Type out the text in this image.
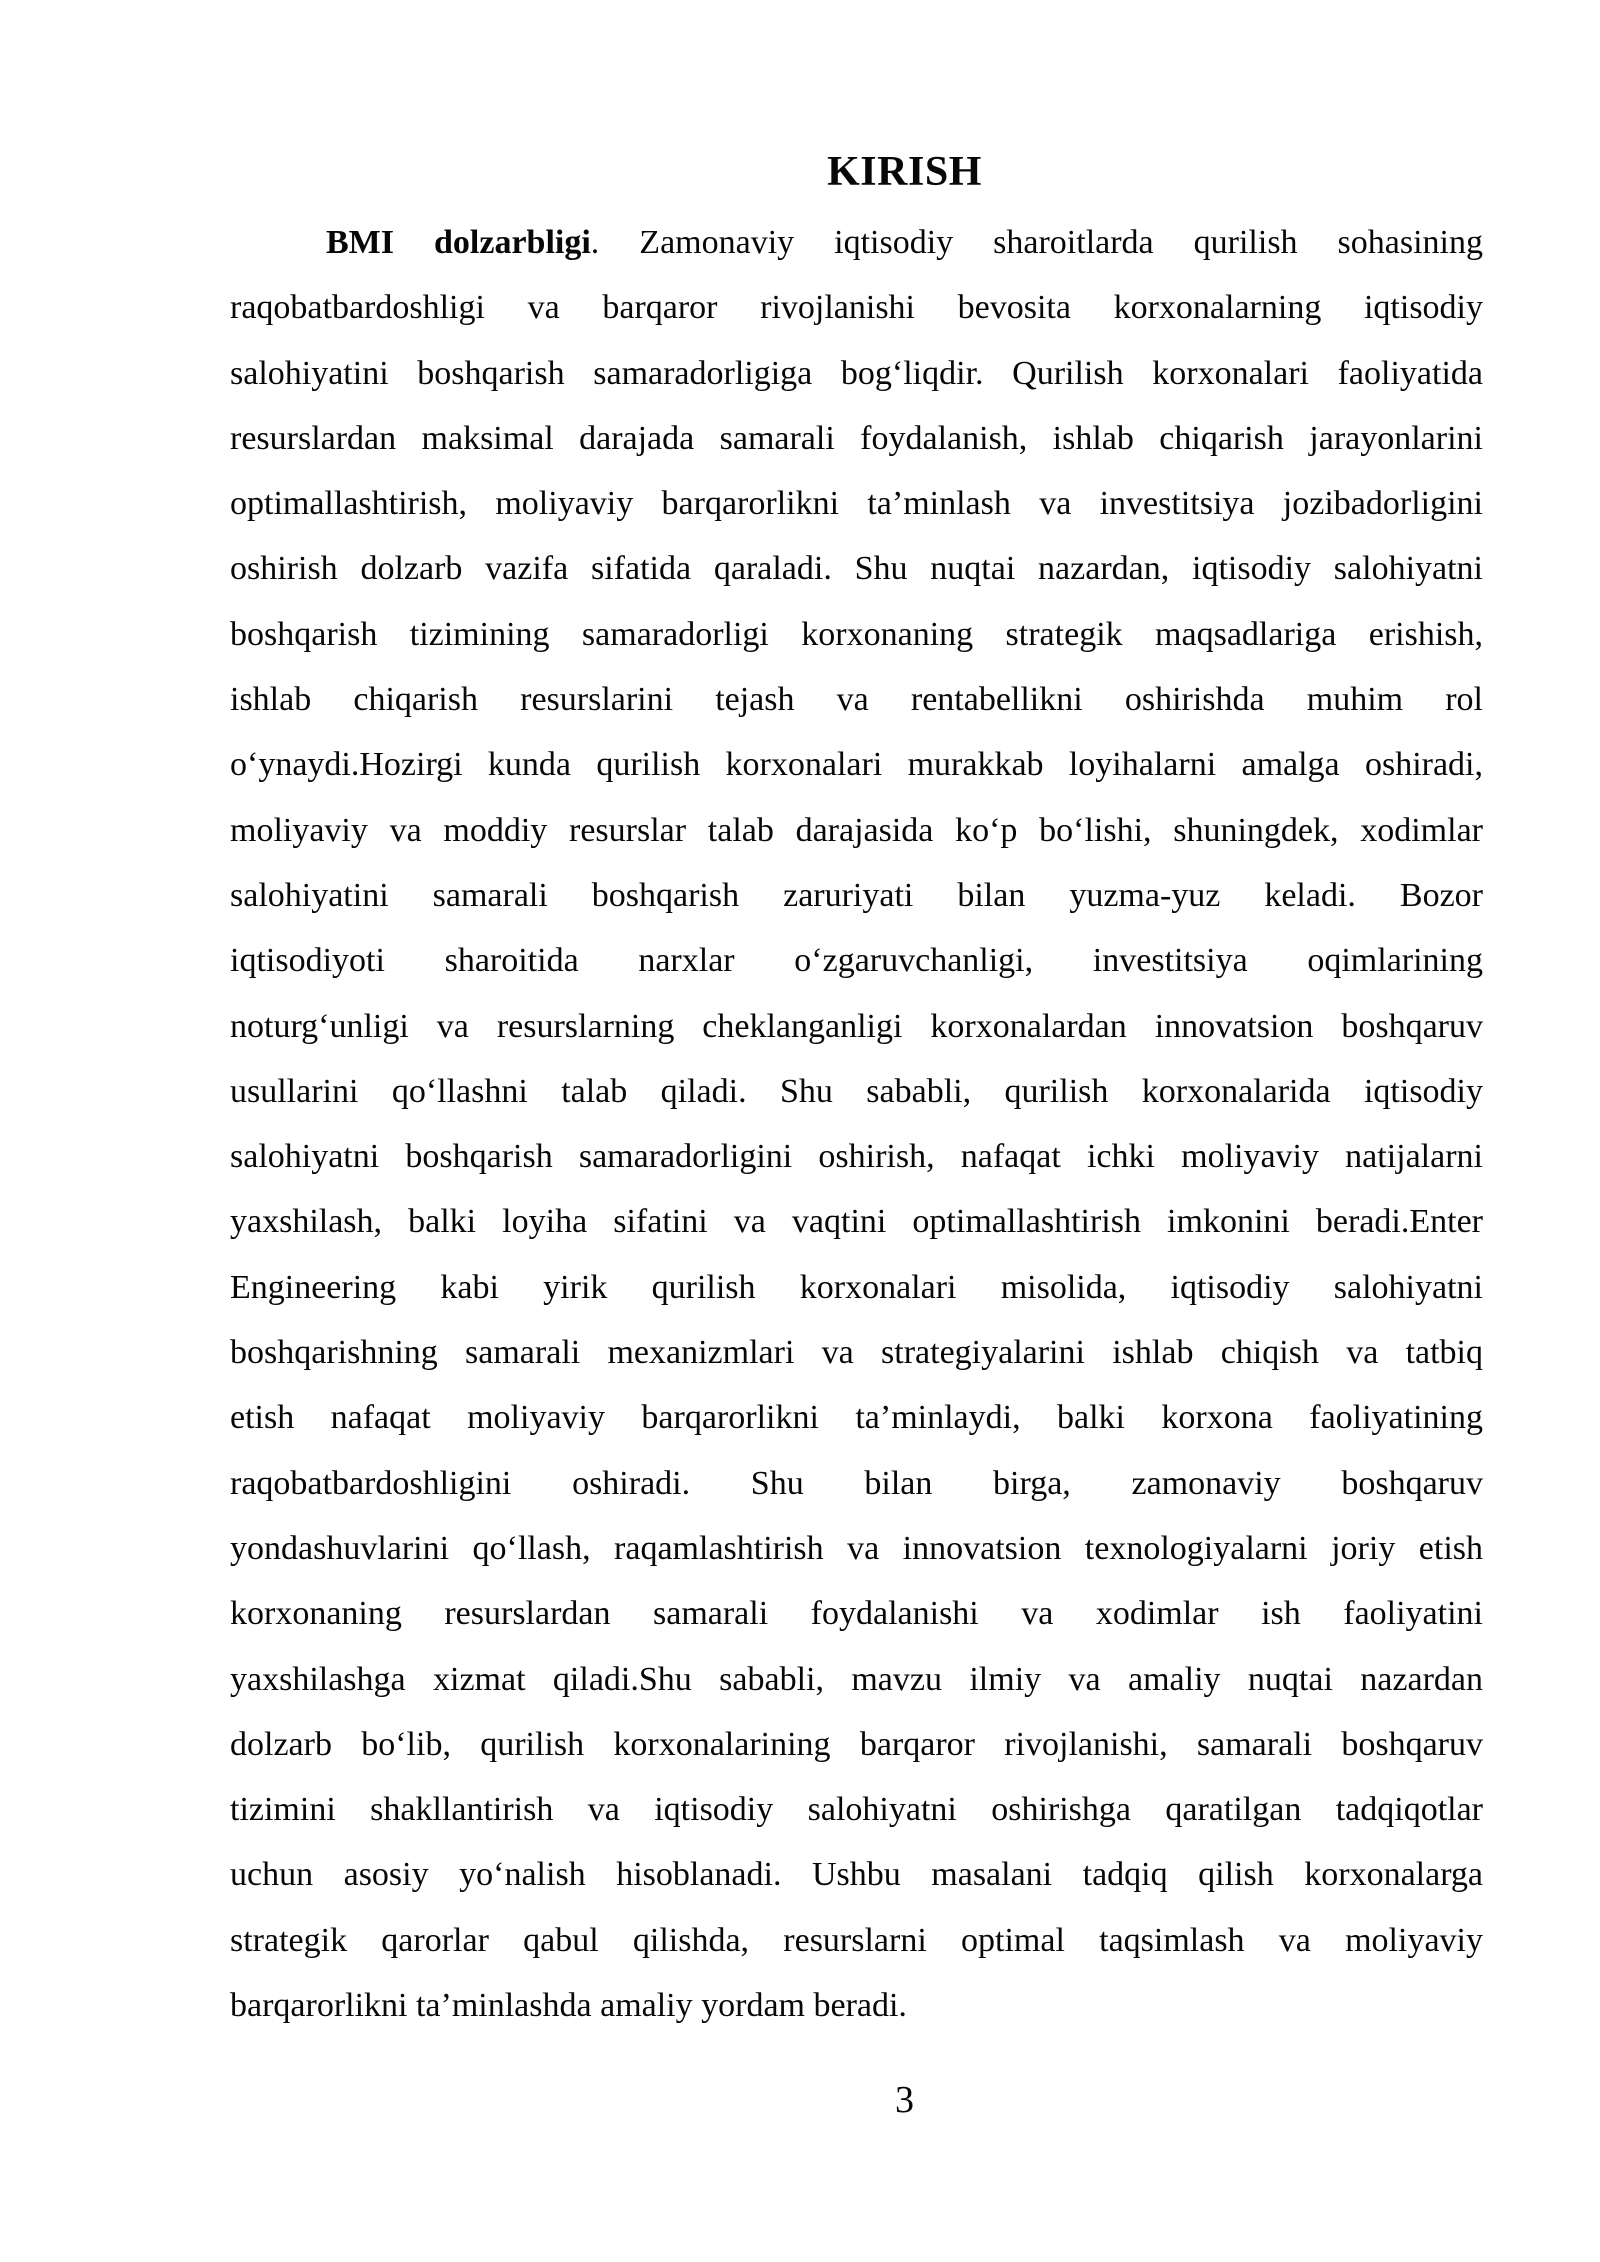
KIRISH
BMI dolzarbligi. Zamonaviy iqtisodiy sharoitlarda qurilish sohasining
raqobatbardoshligi va barqaror rivojlanishi bevosita korxonalarning iqtisodiy
salohiyatini boshqarish samaradorligiga bog‘liqdir. Qurilish korxonalari faoliyatida
resurslardan maksimal darajada samarali foydalanish, ishlab chiqarish jarayonlarini
optimallashtirish, moliyaviy barqarorlikni ta’minlash va investitsiya jozibadorligini
oshirish dolzarb vazifa sifatida qaraladi. Shu nuqtai nazardan, iqtisodiy salohiyatni
boshqarish tizimining samaradorligi korxonaning strategik maqsadlariga erishish,
ishlab chiqarish resurslarini tejash va rentabellikni oshirishda muhim rol
o‘ynaydi.Hozirgi kunda qurilish korxonalari murakkab loyihalarni amalga oshiradi,
moliyaviy va moddiy resurslar talab darajasida ko‘p bo‘lishi, shuningdek, xodimlar
salohiyatini samarali boshqarish zaruriyati bilan yuzma-yuz keladi. Bozor
iqtisodiyoti sharoitida narxlar o‘zgaruvchanligi, investitsiya oqimlarining
noturg‘unligi va resurslarning cheklanganligi korxonalardan innovatsion boshqaruv
usullarini qo‘llashni talab qiladi. Shu sababli, qurilish korxonalarida iqtisodiy
salohiyatni boshqarish samaradorligini oshirish, nafaqat ichki moliyaviy natijalarni
yaxshilash, balki loyiha sifatini va vaqtini optimallashtirish imkonini beradi.Enter
Engineering kabi yirik qurilish korxonalari misolida, iqtisodiy salohiyatni
boshqarishning samarali mexanizmlari va strategiyalarini ishlab chiqish va tatbiq
etish nafaqat moliyaviy barqarorlikni ta’minlaydi, balki korxona faoliyatining
raqobatbardoshligini oshiradi. Shu bilan birga, zamonaviy boshqaruv
yondashuvlarini qo‘llash, raqamlashtirish va innovatsion texnologiyalarni joriy etish
korxonaning resurslardan samarali foydalanishi va xodimlar ish faoliyatini
yaxshilashga xizmat qiladi.Shu sababli, mavzu ilmiy va amaliy nuqtai nazardan
dolzarb bo‘lib, qurilish korxonalarining barqaror rivojlanishi, samarali boshqaruv
tizimini shakllantirish va iqtisodiy salohiyatni oshirishga qaratilgan tadqiqotlar
uchun asosiy yo‘nalish hisoblanadi. Ushbu masalani tadqiq qilish korxonalarga
strategik qarorlar qabul qilishda, resurslarni optimal taqsimlash va moliyaviy
barqarorlikni ta’minlashda amaliy yordam beradi.
3
